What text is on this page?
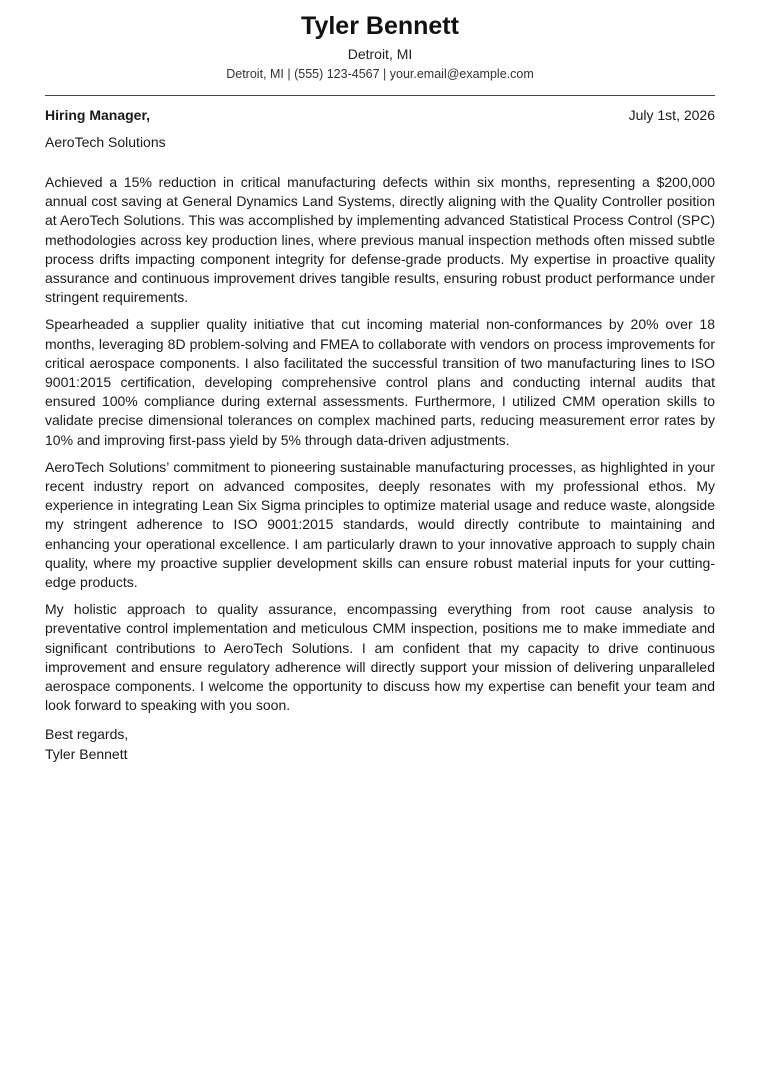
Tyler Bennett
Detroit, MI
Detroit, MI | (555) 123-4567 | your.email@example.com
Hiring Manager,	July 1st, 2026
AeroTech Solutions

Achieved a 15% reduction in critical manufacturing defects within six months, representing a $200,000 annual cost saving at General Dynamics Land Systems, directly aligning with the Quality Controller position at AeroTech Solutions. This was accomplished by implementing advanced Statistical Process Control (SPC) methodologies across key production lines, where previous manual inspection methods often missed subtle process drifts impacting component integrity for defense-grade products. My expertise in proactive quality assurance and continuous improvement drives tangible results, ensuring robust product performance under stringent requirements.

Spearheaded a supplier quality initiative that cut incoming material non-conformances by 20% over 18 months, leveraging 8D problem-solving and FMEA to collaborate with vendors on process improvements for critical aerospace components. I also facilitated the successful transition of two manufacturing lines to ISO 9001:2015 certification, developing comprehensive control plans and conducting internal audits that ensured 100% compliance during external assessments. Furthermore, I utilized CMM operation skills to validate precise dimensional tolerances on complex machined parts, reducing measurement error rates by 10% and improving first-pass yield by 5% through data-driven adjustments.

AeroTech Solutions’ commitment to pioneering sustainable manufacturing processes, as highlighted in your recent industry report on advanced composites, deeply resonates with my professional ethos. My experience in integrating Lean Six Sigma principles to optimize material usage and reduce waste, alongside my stringent adherence to ISO 9001:2015 standards, would directly contribute to maintaining and enhancing your operational excellence. I am particularly drawn to your innovative approach to supply chain quality, where my proactive supplier development skills can ensure robust material inputs for your cutting-edge products.

My holistic approach to quality assurance, encompassing everything from root cause analysis to preventative control implementation and meticulous CMM inspection, positions me to make immediate and significant contributions to AeroTech Solutions. I am confident that my capacity to drive continuous improvement and ensure regulatory adherence will directly support your mission of delivering unparalleled aerospace components. I welcome the opportunity to discuss how my expertise can benefit your team and look forward to speaking with you soon.

Best regards,
Tyler Bennett
